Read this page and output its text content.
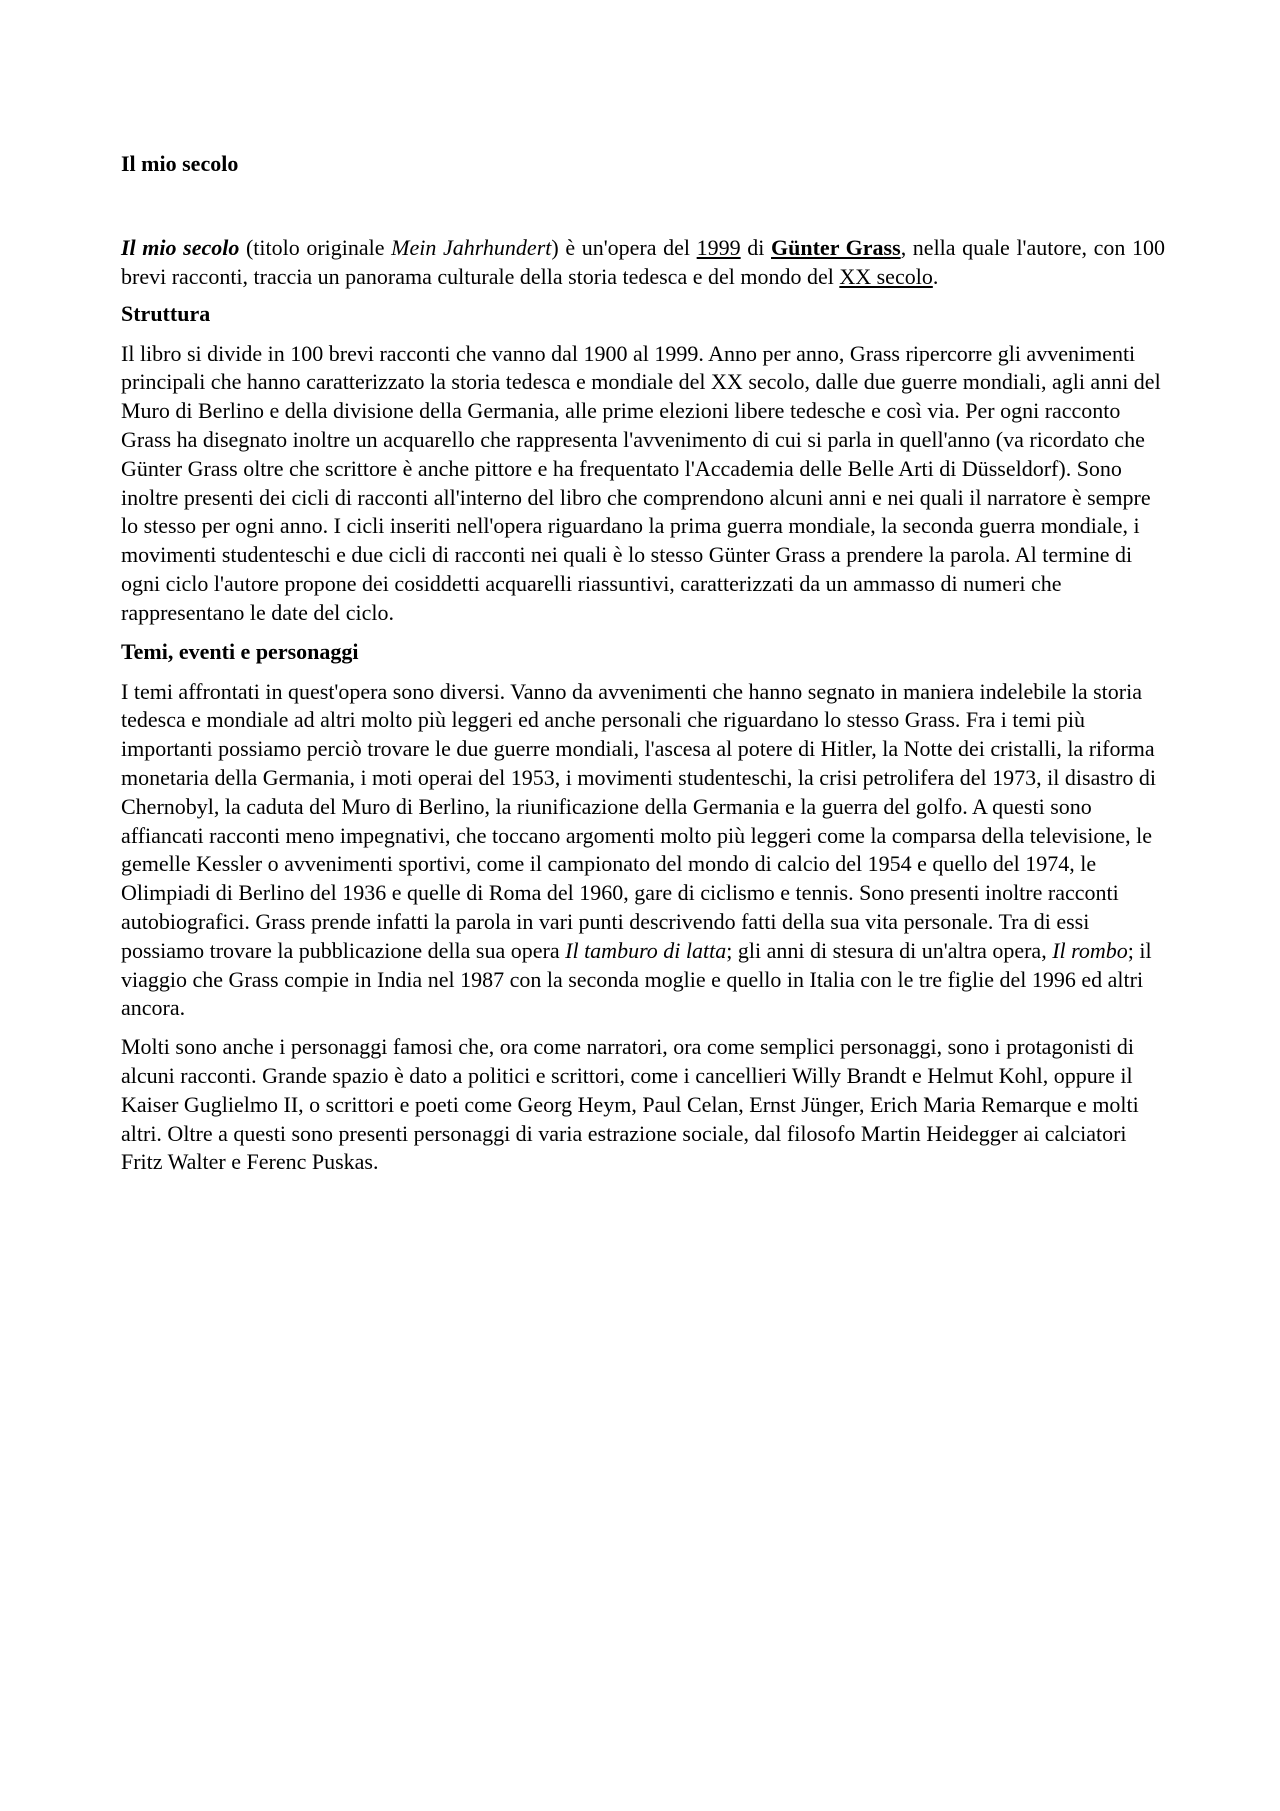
Il mio secolo

Il mio secolo (titolo originale Mein Jahrhundert) è un'opera del 1999 di Günter Grass, nella quale l'autore, con 100 brevi racconti, traccia un panorama culturale della storia tedesca e del mondo del XX secolo.

Struttura

Il libro si divide in 100 brevi racconti che vanno dal 1900 al 1999. Anno per anno, Grass ripercorre gli avvenimenti principali che hanno caratterizzato la storia tedesca e mondiale del XX secolo, dalle due guerre mondiali, agli anni del Muro di Berlino e della divisione della Germania, alle prime elezioni libere tedesche e così via. Per ogni racconto Grass ha disegnato inoltre un acquarello che rappresenta l'avvenimento di cui si parla in quell'anno (va ricordato che Günter Grass oltre che scrittore è anche pittore e ha frequentato l'Accademia delle Belle Arti di Düsseldorf). Sono inoltre presenti dei cicli di racconti all'interno del libro che comprendono alcuni anni e nei quali il narratore è sempre lo stesso per ogni anno. I cicli inseriti nell'opera riguardano la prima guerra mondiale, la seconda guerra mondiale, i movimenti studenteschi e due cicli di racconti nei quali è lo stesso Günter Grass a prendere la parola. Al termine di ogni ciclo l'autore propone dei cosiddetti acquarelli riassuntivi, caratterizzati da un ammasso di numeri che rappresentano le date del ciclo.

Temi, eventi e personaggi

I temi affrontati in quest'opera sono diversi. Vanno da avvenimenti che hanno segnato in maniera indelebile la storia tedesca e mondiale ad altri molto più leggeri ed anche personali che riguardano lo stesso Grass. Fra i temi più importanti possiamo perciò trovare le due guerre mondiali, l'ascesa al potere di Hitler, la Notte dei cristalli, la riforma monetaria della Germania, i moti operai del 1953, i movimenti studenteschi, la crisi petrolifera del 1973, il disastro di Chernobyl, la caduta del Muro di Berlino, la riunificazione della Germania e la guerra del golfo. A questi sono affiancati racconti meno impegnativi, che toccano argomenti molto più leggeri come la comparsa della televisione, le gemelle Kessler o avvenimenti sportivi, come il campionato del mondo di calcio del 1954 e quello del 1974, le Olimpiadi di Berlino del 1936 e quelle di Roma del 1960, gare di ciclismo e tennis. Sono presenti inoltre racconti autobiografici. Grass prende infatti la parola in vari punti descrivendo fatti della sua vita personale. Tra di essi possiamo trovare la pubblicazione della sua opera Il tamburo di latta; gli anni di stesura di un'altra opera, Il rombo; il viaggio che Grass compie in India nel 1987 con la seconda moglie e quello in Italia con le tre figlie del 1996 ed altri ancora.

Molti sono anche i personaggi famosi che, ora come narratori, ora come semplici personaggi, sono i protagonisti di alcuni racconti. Grande spazio è dato a politici e scrittori, come i cancellieri Willy Brandt e Helmut Kohl, oppure il Kaiser Guglielmo II, o scrittori e poeti come Georg Heym, Paul Celan, Ernst Jünger, Erich Maria Remarque e molti altri. Oltre a questi sono presenti personaggi di varia estrazione sociale, dal filosofo Martin Heidegger ai calciatori Fritz Walter e Ferenc Puskas.
